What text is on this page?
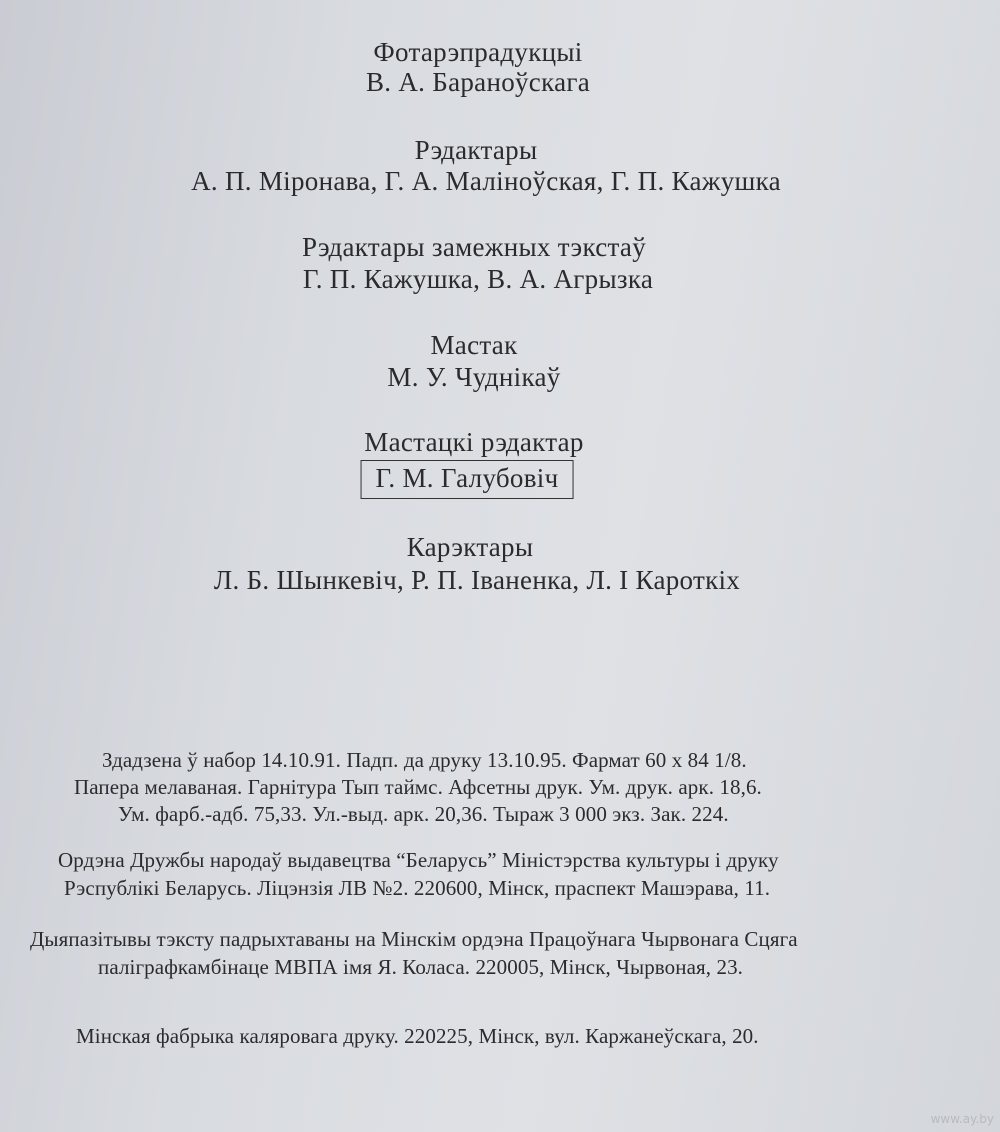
Фотарэпрадукцыі
В. А. Бараноўскага
Рэдактары
А. П. Міронава, Г. А. Маліноўская, Г. П. Кажушка
Рэдактары замежных тэкстаў
Г. П. Кажушка, В. А. Агрызка
Мастак
М. У. Чуднікаў
Мастацкі рэдактар
Г. М. Галубовіч
Карэктары
Л. Б. Шынкевіч, Р. П. Іваненка, Л. І Кароткіх
Здадзена ў набор 14.10.91. Падп. да друку 13.10.95. Фармат 60 х 84 1/8.
Папера мелаваная. Гарнітура Тып таймс. Афсетны друк. Ум. друк. арк. 18,6.
Ум. фарб.-адб. 75,33. Ул.-выд. арк. 20,36. Тыраж 3 000 экз. Зак. 224.
Ордэна Дружбы народаў выдавецтва “Беларусь” Міністэрства культуры і друку
Рэспублікі Беларусь. Ліцэнзія ЛВ №2. 220600, Мінск, праспект Машэрава, 11.
Дыяпазітывы тэксту падрыхтаваны на Мінскім ордэна Працоўнага Чырвонага Сцяга
паліграфкамбінаце МВПА імя Я. Коласа. 220005, Мінск, Чырвоная, 23.
Мінская фабрыка каляровага друку. 220225, Мінск, вул. Каржанеўскага, 20.
www.ay.by
